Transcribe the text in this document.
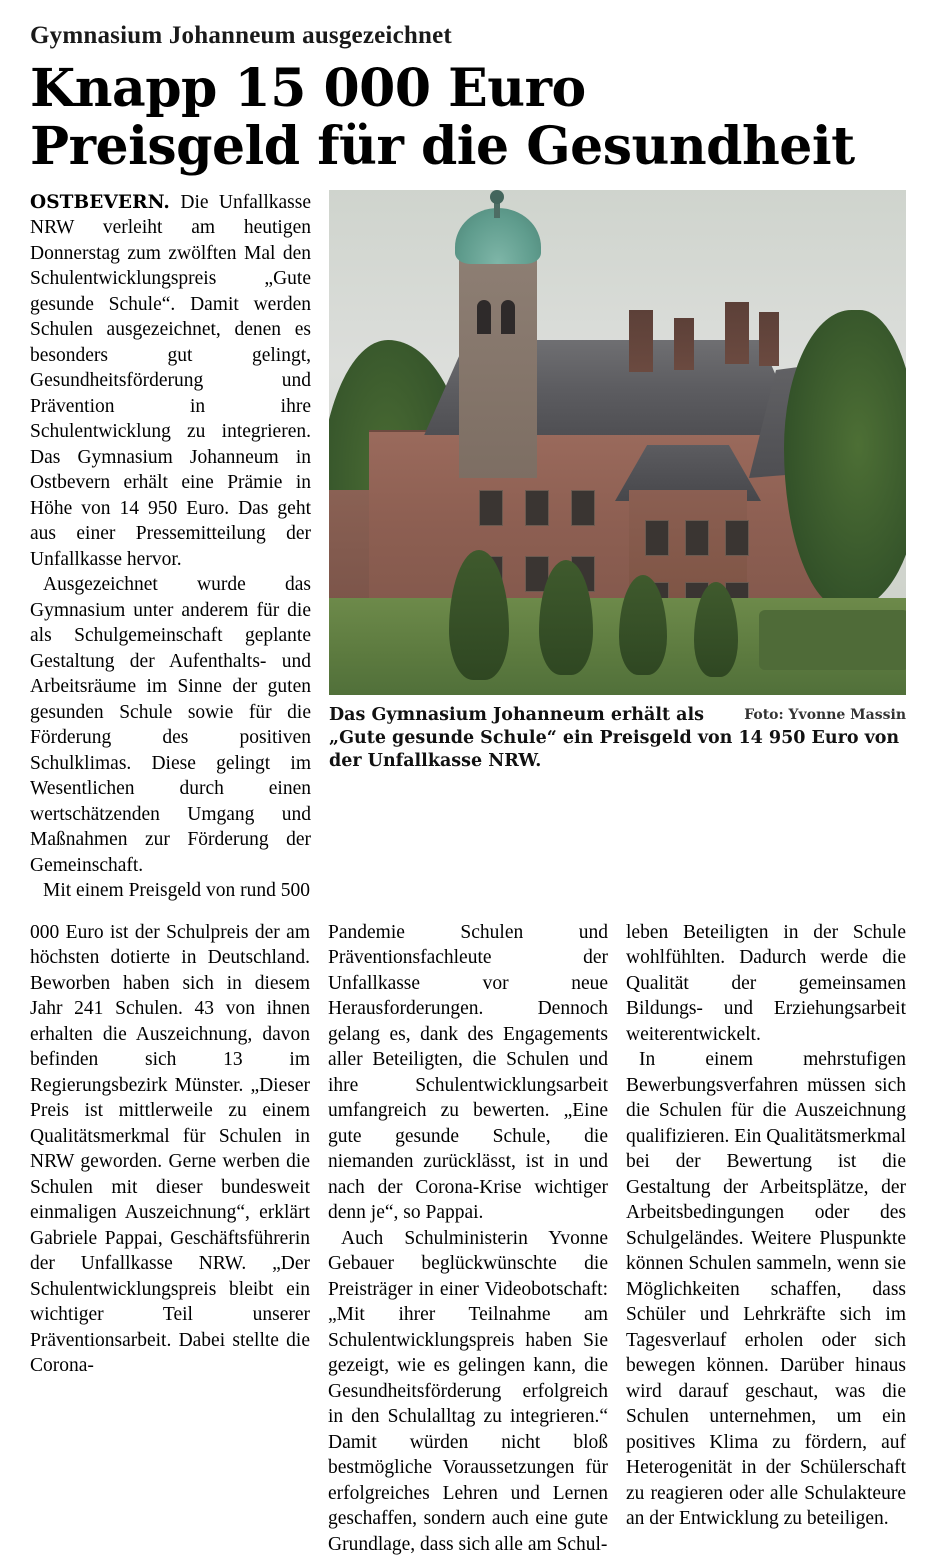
Gymnasium Johanneum ausgezeichnet
Knapp 15 000 Euro
Preisgeld für die Gesundheit

OSTBEVERN. Die Unfallkasse NRW verleiht am heutigen Donnerstag zum zwölften Mal den Schulentwicklungspreis „Gute gesunde Schule“. Damit werden Schulen ausgezeichnet, denen es besonders gut gelingt, Gesundheitsförderung und Prävention in ihre Schulentwicklung zu integrieren. Das Gymnasium Johanneum in Ostbevern erhält eine Prämie in Höhe von 14 950 Euro. Das geht aus einer Pressemitteilung der Unfallkasse hervor.

Ausgezeichnet wurde das Gymnasium unter anderem für die als Schulgemeinschaft geplante Gestaltung der Aufenthalts- und Arbeitsräume im Sinne der guten gesunden Schule sowie für die Förderung des positiven Schulklimas. Diese gelingt im Wesentlichen durch einen wertschätzenden Umgang und Maßnahmen zur Förderung der Gemeinschaft.

Mit einem Preisgeld von rund 500

Foto: Yvonne Massin
Das Gymnasium Johanneum erhält als „Gute gesunde Schule“ ein Preisgeld von 14 950 Euro von der Unfallkasse NRW.

000 Euro ist der Schulpreis der am höchsten dotierte in Deutschland. Beworben haben sich in diesem Jahr 241 Schulen. 43 von ihnen erhalten die Auszeichnung, davon befinden sich 13 im Regierungsbezirk Münster. „Dieser Preis ist mittlerweile zu einem Qualitätsmerkmal für Schulen in NRW geworden. Gerne werben die Schulen mit dieser bundesweit einmaligen Auszeichnung“, erklärt Gabriele Pappai, Geschäftsführerin der Unfallkasse NRW. „Der Schulentwicklungspreis bleibt ein wichtiger Teil unserer Präventionsarbeit. Dabei stellte die Corona-

Pandemie Schulen und Präventionsfachleute der Unfallkasse vor neue Herausforderungen. Dennoch gelang es, dank des Engagements aller Beteiligten, die Schulen und ihre Schulentwicklungsarbeit umfangreich zu bewerten. „Eine gute gesunde Schule, die niemanden zurücklässt, ist in und nach der Corona-Krise wichtiger denn je“, so Pappai.

Auch Schulministerin Yvonne Gebauer beglückwünschte die Preisträger in einer Videobotschaft: „Mit ihrer Teilnahme am Schulentwicklungspreis haben Sie gezeigt, wie es gelingen kann, die Gesundheitsförderung erfolgreich in den Schulalltag zu integrieren.“ Damit würden nicht bloß bestmögliche Voraussetzungen für erfolgreiches Lehren und Lernen geschaffen, sondern auch eine gute Grundlage, dass sich alle am Schul-

leben Beteiligten in der Schule wohlfühlten. Dadurch werde die Qualität der gemeinsamen Bildungs- und Erziehungsarbeit weiterentwickelt.

In einem mehrstufigen Bewerbungsverfahren müssen sich die Schulen für die Auszeichnung qualifizieren. Ein Qualitätsmerkmal bei der Bewertung ist die Gestaltung der Arbeitsplätze, der Arbeitsbedingungen oder des Schulgeländes. Weitere Pluspunkte können Schulen sammeln, wenn sie Möglichkeiten schaffen, dass Schüler und Lehrkräfte sich im Tagesverlauf erholen oder sich bewegen können. Darüber hinaus wird darauf geschaut, was die Schulen unternehmen, um ein positives Klima zu fördern, auf Heterogenität in der Schülerschaft zu reagieren oder alle Schulakteure an der Entwicklung zu beteiligen.
